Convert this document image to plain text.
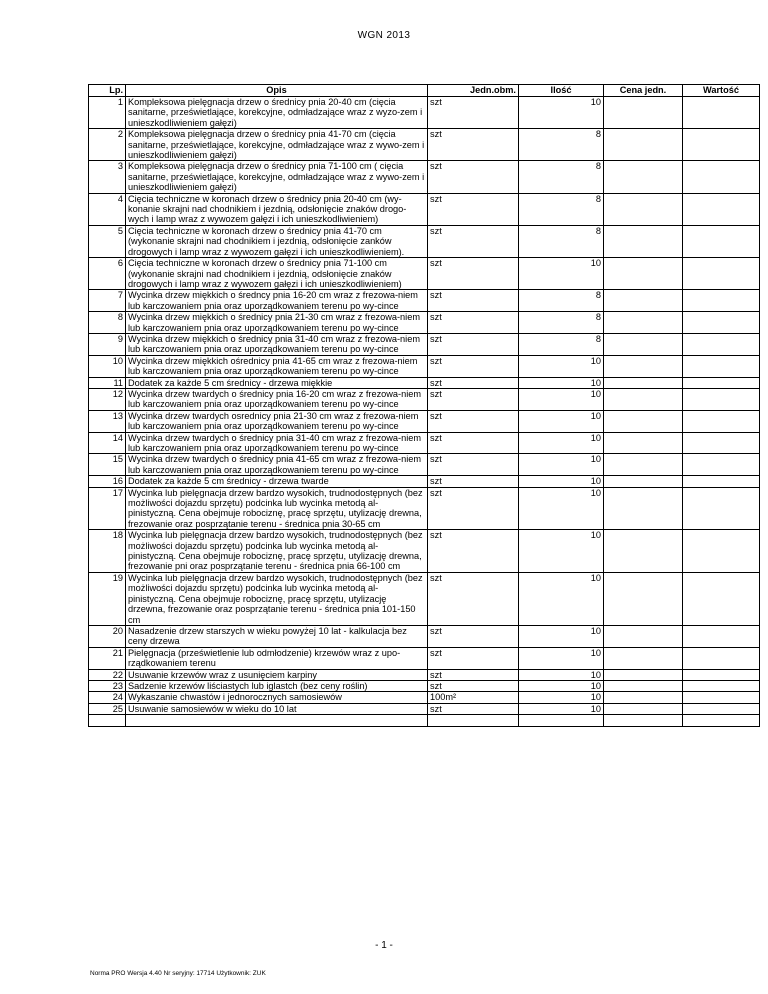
WGN 2013
Lp.	Opis	Jedn.obm.	Ilość	Cena jedn.	Wartość
1	Kompleksowa pielęgnacja drzew o średnicy pnia 20-40 cm (cięcia sanitarne, prześwietlające, korekcyjne, odmładzające wraz z wyzo-zem i unieszkodliwieniem gałęzi)	szt	10		
2	Kompleksowa pielęgnacja drzew o średnicy pnia 41-70 cm (cięcia sanitarne, prześwietlające, korekcyjne, odmładzające wraz z wywo-zem i unieszkodliwieniem gałęzi)	szt	8		
3	Kompleksowa pielęgnacja drzew o średnicy pnia 71-100 cm ( cięcia sanitarne, prześwietlające, korekcyjne, odmładzające wraz z wywo-zem i unieszkodliwieniem gałęzi)	szt	8		
4	Cięcia techniczne w koronach drzew o średnicy pnia 20-40 cm (wy-konanie skrajni nad chodnikiem i jezdnią, odsłonięcie znaków drogo-wych i lamp wraz z wywozem gałęzi i ich unieszkodliwieniem)	szt	8		
5	Cięcia techniczne w koronach drzew o średnicy pnia 41-70 cm (wykonanie skrajni nad chodnikiem i jezdnią, odsłonięcie zanków drogowych i lamp wraz z wywozem gałęzi i ich unieszkodliwieniem).	szt	8		
6	Cięcia techniczne w koronach drzew o średnicy pnia 71-100 cm (wykonanie skrajni nad chodnikiem i jezdnią, odsłonięcie znaków drogowych i lamp wraz z wywozem gałęzi i ich unieszkodliwieniem)	szt	10		
7	Wycinka drzew miękkich o średncy pnia 16-20 cm wraz z frezowa-niem lub karczowaniem pnia oraz uporządkowaniem terenu po wy-cince	szt	8		
8	Wycinka drzew miękkich o średnicy pnia 21-30 cm wraz z frezowa-niem lub karczowaniem pnia oraz uporządkowaniem terenu po wy-cince	szt	8		
9	Wycinka drzew miękkich o średnicy pnia 31-40 cm wraz z frezowa-niem lub karczowaniem pnia oraz uporządkowaniem terenu po wy-cince	szt	8		
10	Wycinka drzew miękkich ośrednicy pnia 41-65 cm wraz z frezowa-niem lub karczowaniem pnia oraz uporządkowaniem terenu po wy-cince	szt	10		
11	Dodatek za każde 5 cm średnicy - drzewa miękkie	szt	10		
12	Wycinka drzew twardych o średnicy pnia 16-20 cm wraz z frezowa-niem lub karczowaniem pnia oraz uporządkowaniem terenu po wy-cince	szt	10		
13	Wycinka drzew twardych osrednicy pnia 21-30 cm wraz z frezowa-niem lub karczowaniem pnia oraz uporządkowaniem terenu po wy-cince	szt	10		
14	Wycinka drzew twardych o średnicy pnia 31-40 cm wraz z frezowa-niem lub karczowaniem pnia oraz uporządkowaniem terenu po wy-cince	szt	10		
15	Wycinka drzew twardych o średnicy pnia 41-65 cm wraz z frezowa-niem lub karczowaniem pnia oraz uporządkowaniem terenu po wy-cince	szt	10		
16	Dodatek za każde 5 cm średnicy - drzewa twarde	szt	10		
17	Wycinka lub pielęgnacja drzew bardzo wysokich, trudnodostępnych (bez możliwości dojazdu sprzętu) podcinka lub wycinka metodą al-pinistyczną. Cena obejmuje robociznę, pracę sprzętu, utylizację drewna, frezowanie oraz posprzątanie terenu - średnica pnia 30-65 cm	szt	10		
18	Wycinka lub pielęgnacja drzew bardzo wysokich, trudnodostępnych (bez możliwości dojazdu sprzętu) podcinka lub wycinka metodą al-pinistyczną. Cena obejmuje robociznę, pracę sprzętu, utylizację drewna, frezowanie pni oraz posprzątanie terenu - średnica pnia 66-100 cm	szt	10		
19	Wycinka lub pielęgnacja drzew bardzo wysokich, trudnodostępnych (bez możliwości dojazdu sprzętu) podcinka lub wycinka metodą al-pinistyczną. Cena obejmuje robociznę, pracę sprzętu, utylizację drzewna, frezowanie oraz posprzątanie terenu - średnica pnia 101-150 cm	szt	10		
20	Nasadzenie drzew starszych w wieku powyżej 10 lat - kalkulacja bez ceny drzewa	szt	10		
21	Pielęgnacja (prześwietlenie lub odmłodzenie) krzewów wraz z upo-rządkowaniem terenu	szt	10		
22	Usuwanie krzewów wraz z usunięciem karpiny	szt	10		
23	Sadzenie krzewów liściastych lub iglastch (bez ceny roślin)	szt	10		
24	Wykaszanie chwastów i jednorocznych samosiewów	100m²	10		
25	Usuwanie samosiewów w wieku do 10 lat	szt	10		

- 1 -
Norma PRO Wersja 4.40 Nr seryjny: 17714 Użytkownik: ZUK
